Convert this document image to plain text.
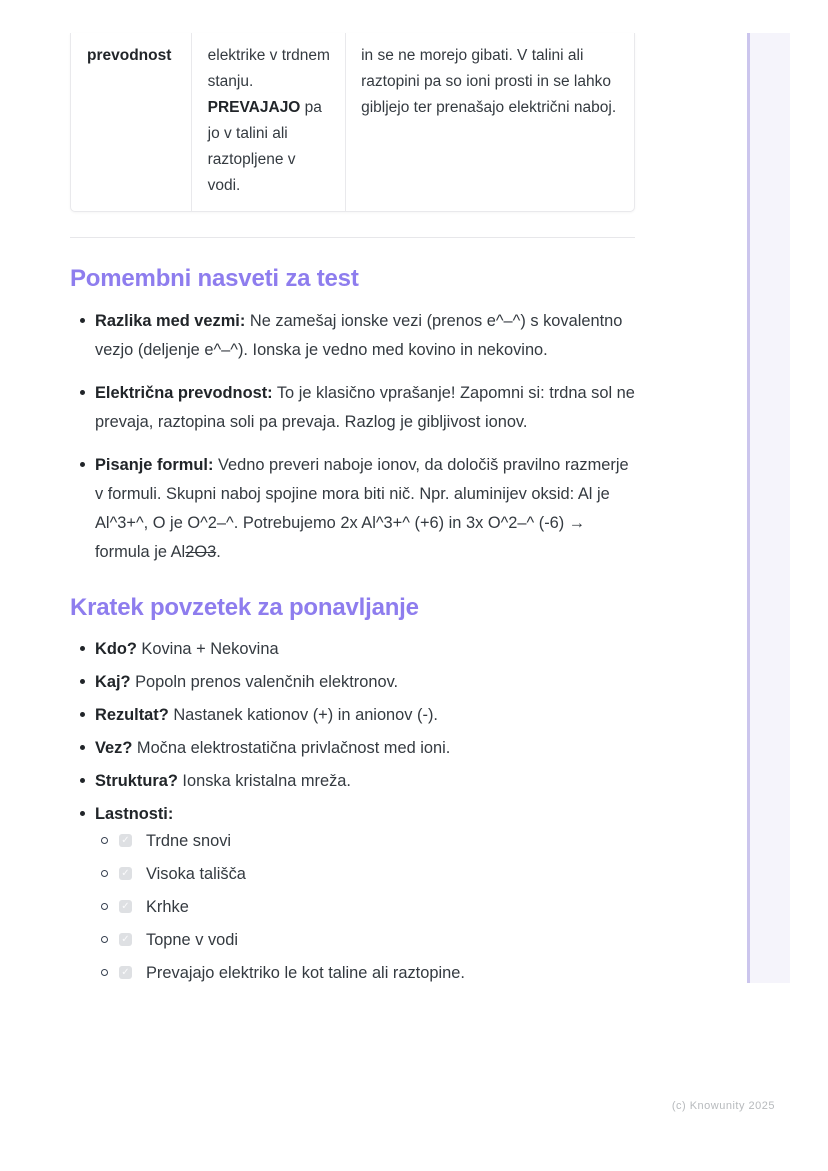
prevodnost	elektrike v trdnem stanju. PREVAJAJO pa jo v talini ali raztopljene v vodi.
in se ne morejo gibati. V talini ali raztopini pa so ioni prosti in se lahko gibljejo ter prenašajo električni naboj.
Pomembni nasveti za test
Razlika med vezmi: Ne zamešaj ionske vezi (prenos e^–^) s kovalentno vezjo (deljenje e^–^). Ionska je vedno med kovino in nekovino.
Električna prevodnost: To je klasično vprašanje! Zapomni si: trdna sol ne prevaja, raztopina soli pa prevaja. Razlog je gibljivost ionov.
Pisanje formul: Vedno preveri naboje ionov, da določiš pravilno razmerje v formuli. Skupni naboj spojine mora biti nič. Npr. aluminijev oksid: Al je Al^3+^, O je O^2–^. Potrebujemo 2x Al^3+^ (+6) in 3x O^2–^ (-6) → formula je Al2O3.
Kratek povzetek za ponavljanje
Kdo? Kovina + Nekovina
Kaj? Popoln prenos valenčnih elektronov.
Rezultat? Nastanek kationov (+) in anionov (-).
Vez? Močna elektrostatična privlačnost med ioni.
Struktura? Ionska kristalna mreža.
Lastnosti:
✓ Trdne snovi
✓ Visoka tališča
✓ Krhke
✓ Topne v vodi
✓ Prevajajo elektriko le kot taline ali raztopine.
(c) Knowunity 2025
